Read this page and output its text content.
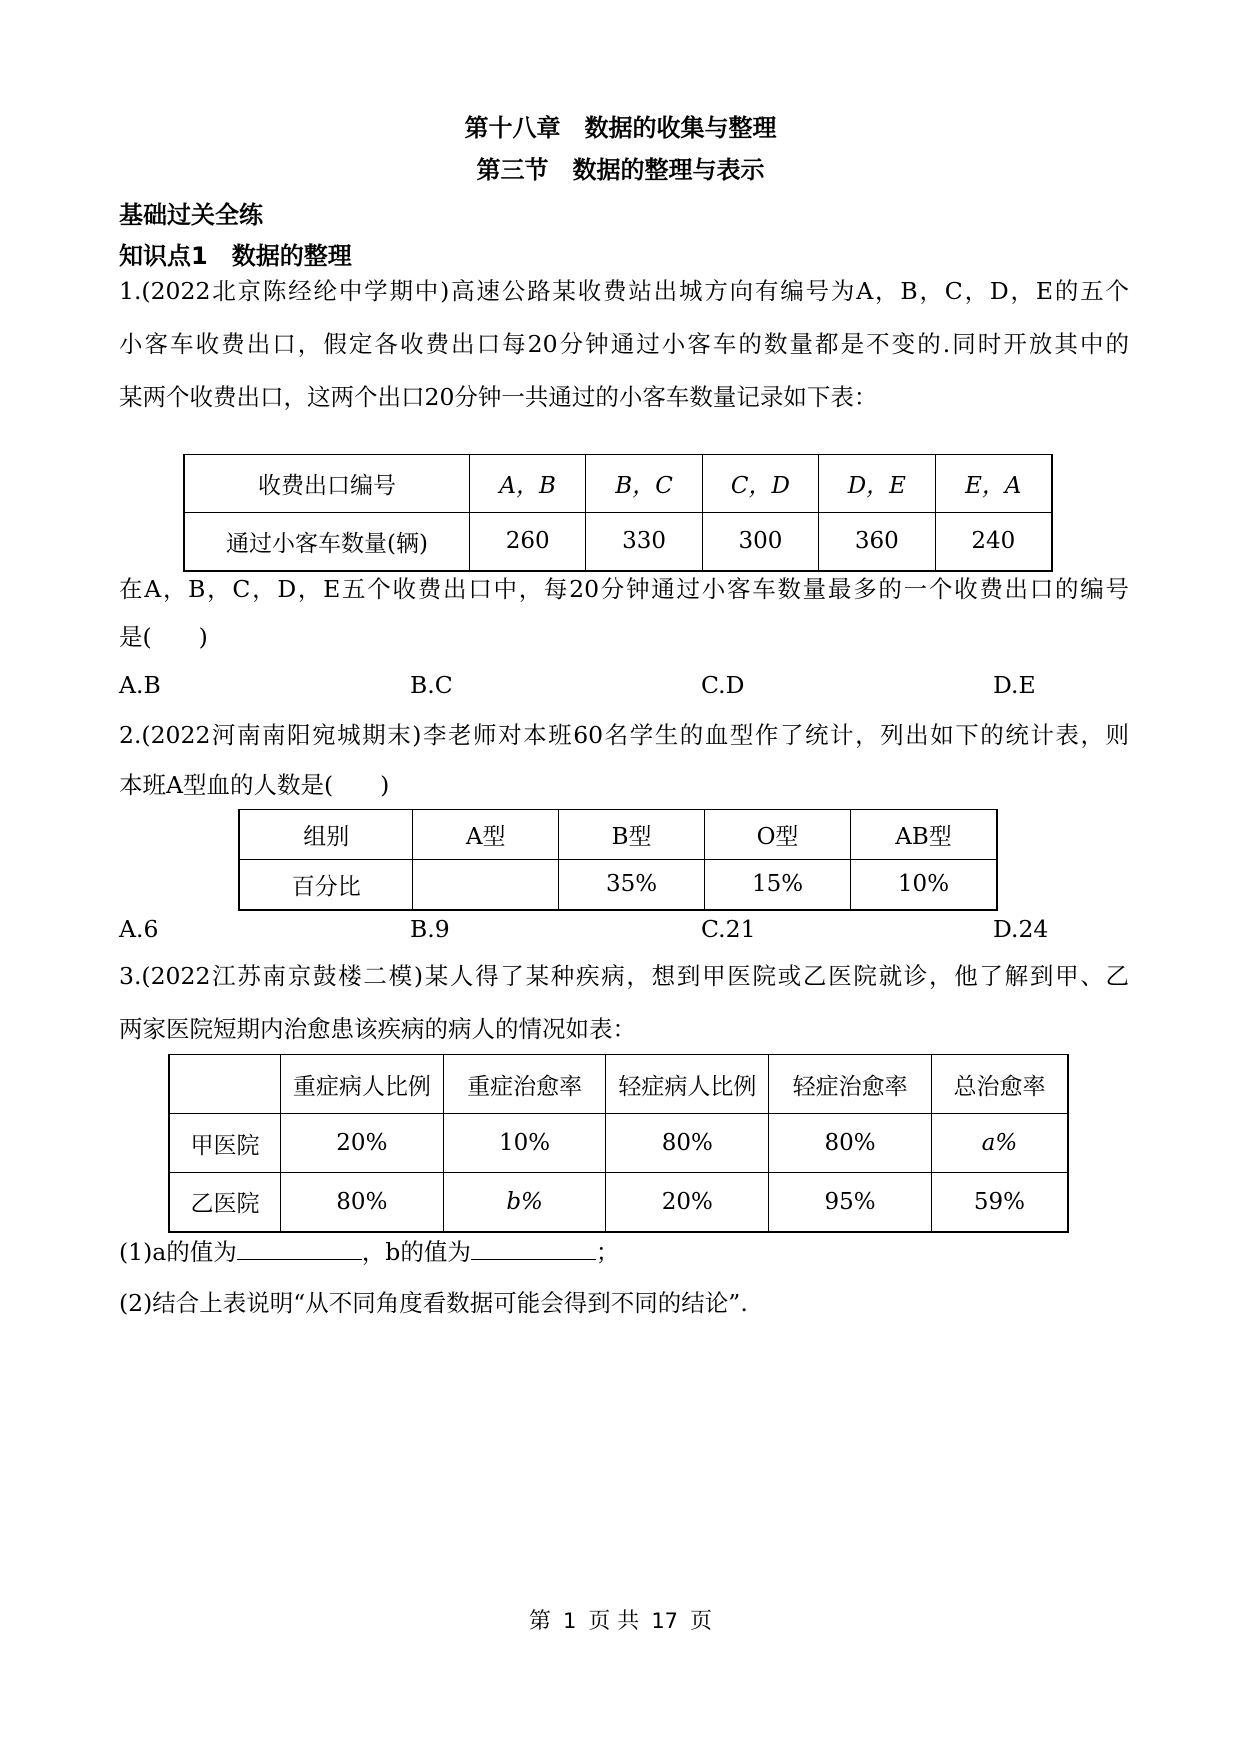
第十八章　数据的收集与整理
第三节　数据的整理与表示
基础过关全练
知识点1　数据的整理
1.(2022北京陈经纶中学期中)高速公路某收费站出城方向有编号为A，B，C，D，E的五个
小客车收费出口，假定各收费出口每20分钟通过小客车的数量都是不变的.同时开放其中的
某两个收费出口，这两个出口20分钟一共通过的小客车数量记录如下表：
收费出口编号	A，B	B，C	C，D	D，E	E，A
通过小客车数量(辆)	260	330	300	360	240
在A，B，C，D，E五个收费出口中，每20分钟通过小客车数量最多的一个收费出口的编号
是(　　)
A.B	B.C	C.D	D.E
2.(2022河南南阳宛城期末)李老师对本班60名学生的血型作了统计，列出如下的统计表，则
本班A型血的人数是(　　)
组别	A型	B型	O型	AB型
百分比		35%	15%	10%
A.6	B.9	C.21	D.24
3.(2022江苏南京鼓楼二模)某人得了某种疾病，想到甲医院或乙医院就诊，他了解到甲、乙
两家医院短期内治愈患该疾病的病人的情况如表：
	重症病人比例	重症治愈率	轻症病人比例	轻症治愈率	总治愈率
甲医院	20%	10%	80%	80%	a%
乙医院	80%	b%	20%	95%	59%
(1)a的值为	，b的值为	；
(2)结合上表说明“从不同角度看数据可能会得到不同的结论”.
第 1 页 共 17 页
